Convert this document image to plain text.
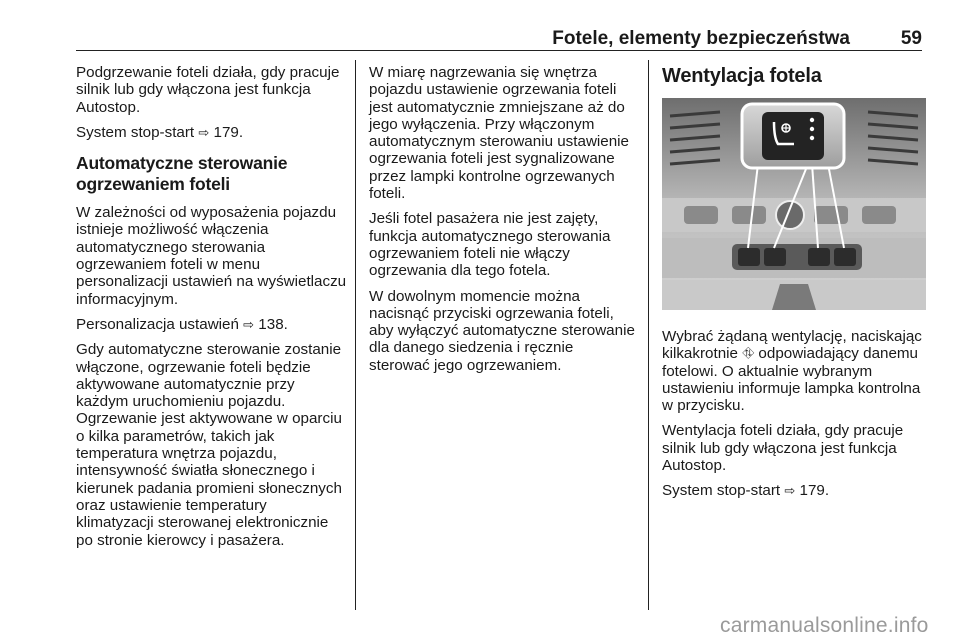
Fotele, elementy bezpieczeństwa	59

Podgrzewanie foteli działa, gdy pracuje silnik lub gdy włączona jest funkcja Autostop.

System stop-start ⇨ 179.

Automatyczne sterowanie ogrzewaniem foteli

W zależności od wyposażenia pojazdu istnieje możliwość włączenia automatycznego sterowania ogrzewaniem foteli w menu personalizacji ustawień na wyświetlaczu informacyjnym.

Personalizacja ustawień ⇨ 138.

Gdy automatyczne sterowanie zostanie włączone, ogrzewanie foteli będzie aktywowane automatycznie przy każdym uruchomieniu pojazdu. Ogrzewanie jest aktywowane w oparciu o kilka parametrów, takich jak temperatura wnętrza pojazdu, intensywność światła słonecznego i kierunek padania promieni słonecznych oraz ustawienie temperatury klimatyzacji sterowanej elektronicznie po stronie kierowcy i pasażera.

W miarę nagrzewania się wnętrza pojazdu ustawienie ogrzewania foteli jest automatycznie zmniejszane aż do jego wyłączenia. Przy włączonym automatycznym sterowaniu ustawienie ogrzewania foteli jest sygnalizowane przez lampki kontrolne ogrzewanych foteli.

Jeśli fotel pasażera nie jest zajęty, funkcja automatycznego sterowania ogrzewaniem foteli nie włączy ogrzewania dla tego fotela.

W dowolnym momencie można nacisnąć przyciski ogrzewania foteli, aby wyłączyć automatyczne sterowanie dla danego siedzenia i ręcznie sterować jego ogrzewaniem.

Wentylacja fotela

Wybrać żądaną wentylację, naciskając kilkakrotnie ⛗ odpowiadający danemu fotelowi. O aktualnie wybranym ustawieniu informuje lampka kontrolna w przycisku.

Wentylacja foteli działa, gdy pracuje silnik lub gdy włączona jest funkcja Autostop.

System stop-start ⇨ 179.

carmanualsonline.info
